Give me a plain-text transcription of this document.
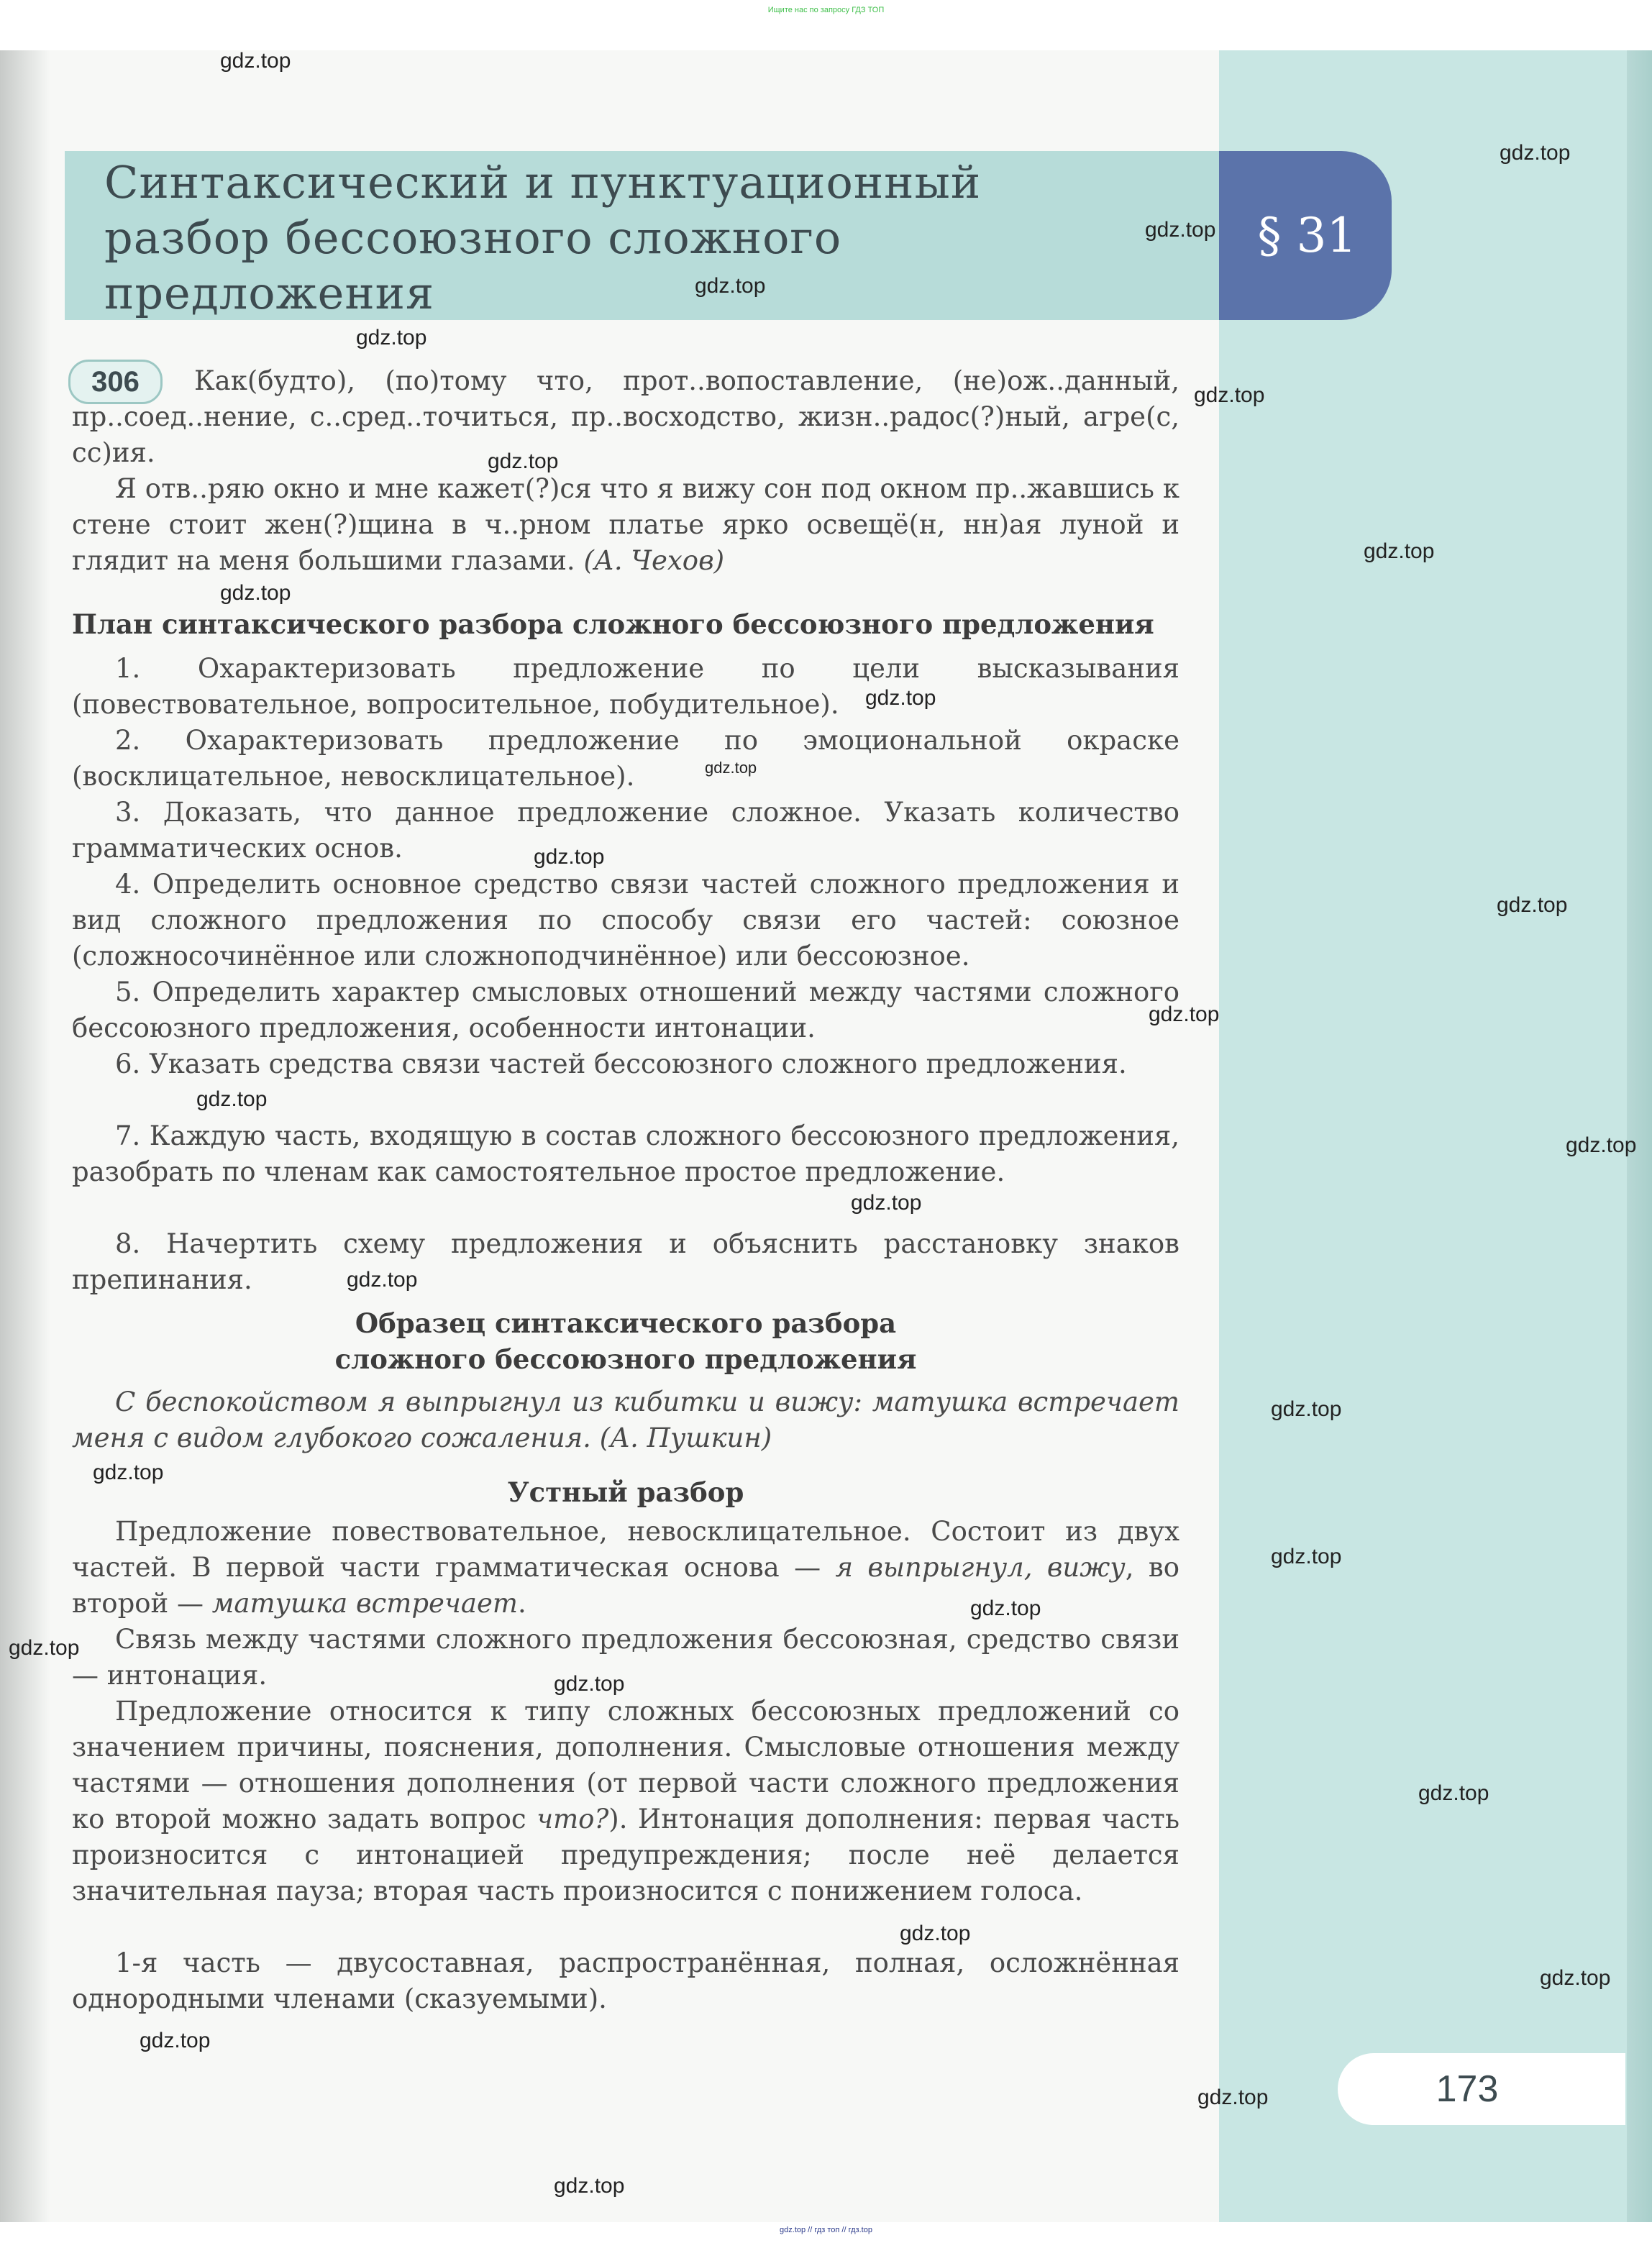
Ищите нас по запросу ГДЗ ТОП
Синтаксический и пунктуационный разбор бессоюзного сложного предложения
§ 31
306	Как(будто), (по)тому что, прот..вопоставление, (не)ож..данный, пр..соед..нение, с..сред..точиться, пр..восходство, жизн..радос(?)ный, агре(с, сс)ия.

Я отв..ряю окно и мне кажет(?)ся что я вижу сон под окном пр..жавшись к стене стоит жен(?)щина в ч..рном платье ярко освещё(н, нн)ая луной и глядит на меня большими глазами. (А. Чехов)

План синтаксического разбора сложного бессоюзного предложения

1. Охарактеризовать предложение по цели высказывания (повествовательное, вопросительное, побудительное).

2. Охарактеризовать предложение по эмоциональной окраске (восклицательное, невосклицательное).

3. Доказать, что данное предложение сложное. Указать количество грамматических основ.

4. Определить основное средство связи частей сложного предложения и вид сложного предложения по способу связи его частей: союзное (сложносочинённое или сложноподчинённое) или бессоюзное.

5. Определить характер смысловых отношений между частями сложного бессоюзного предложения, особенности интонации.

6. Указать средства связи частей бессоюзного сложного предложения.

7. Каждую часть, входящую в состав сложного бессоюзного предложения, разобрать по членам как самостоятельное простое предложение.

8. Начертить схему предложения и объяснить расстановку знаков препинания.

Образец синтаксического разбора
сложного бессоюзного предложения

С беспокойством я выпрыгнул из кибитки и вижу: матушка встречает меня с видом глубокого сожаления. (А. Пушкин)

Устный разбор

Предложение повествовательное, невосклицательное. Состоит из двух частей. В первой части грамматическая основа — я выпрыгнул, вижу, во второй — матушка встречает.

Связь между частями сложного предложения бессоюзная, средство связи — интонация.

Предложение относится к типу сложных бессоюзных предложений со значением причины, пояснения, дополнения. Смысловые отношения между частями — отношения дополнения (от первой части сложного предложения ко второй можно задать вопрос что?). Интонация дополнения: первая часть произносится с интонацией предупреждения; после неё делается значительная пауза; вторая часть произносится с понижением голоса.

1-я часть — двусоставная, распространённая, полная, осложнённая однородными членами (сказуемыми).

173
gdz.top
gdz.top
gdz.top
gdz.top
gdz.top
gdz.top
gdz.top
gdz.top
gdz.top
gdz.top
gdz.top
gdz.top
gdz.top
gdz.top
gdz.top
gdz.top
gdz.top
gdz.top
gdz.top
gdz.top
gdz.top
gdz.top
gdz.top
gdz.top
gdz.top
gdz.top
gdz.top
gdz.top
gdz.top
gdz.top
gdz.top // гдз топ // гдз.top
